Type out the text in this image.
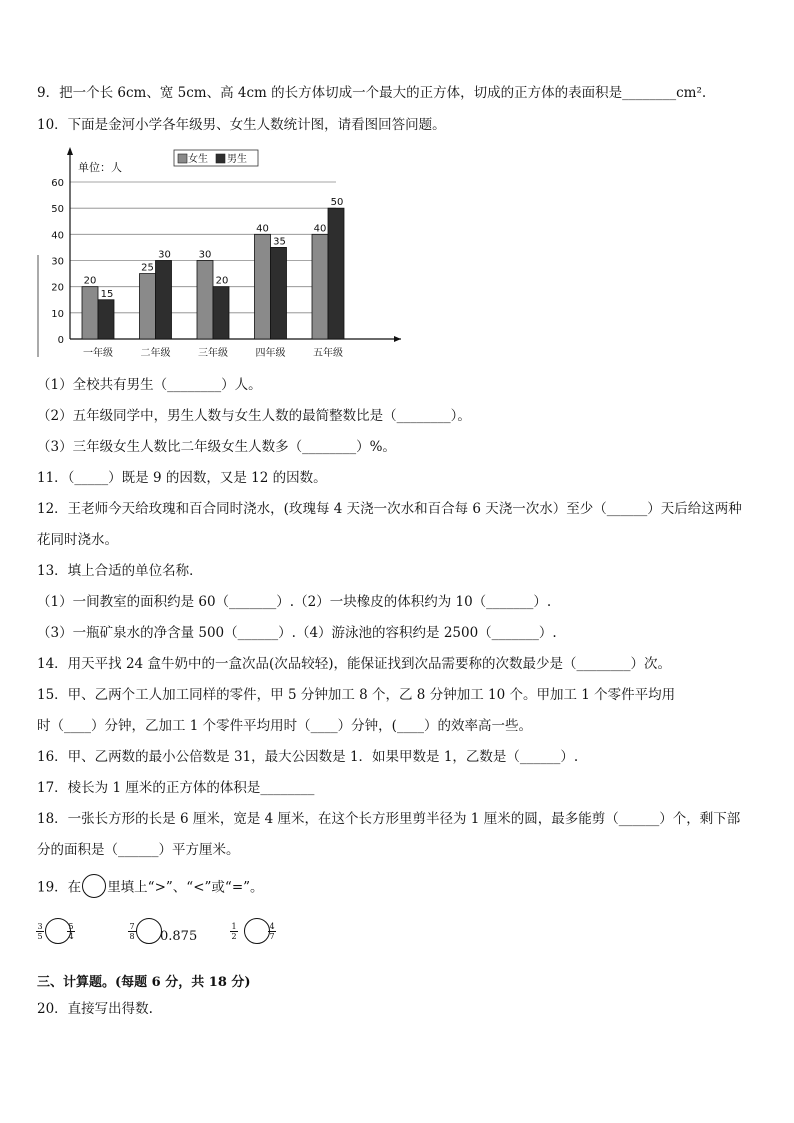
9．把一个长 6cm、宽 5cm、高 4cm 的长方体切成一个最大的正方体，切成的正方体的表面积是________cm².
10．下面是金河小学各年级男、女生人数统计图，请看图回答问题。
0
10
20
30
40
50
60
单位：人
女生 男生
20
15
一年级
25
30
二年级
30
20
三年级
40
35
四年级
40
50
五年级
（1）全校共有男生（________）人。
（2）五年级同学中，男生人数与女生人数的最简整数比是（________）。
（3）三年级女生人数比二年级女生人数多（________）%。
11．（_____）既是 9 的因数，又是 12 的因数。
12．王老师今天给玫瑰和百合同时浇水，(玫瑰每 4 天浇一次水和百合每 6 天浇一次水）至少（______）天后给这两种
花同时浇水。
13．填上合适的单位名称．
（1）一间教室的面积约是 60（_______）.（2）一块橡皮的体积约为 10（_______）.
（3）一瓶矿泉水的净含量 500（______）.（4）游泳池的容积约是 2500（_______）.
14．用天平找 24 盒牛奶中的一盒次品(次品较轻)，能保证找到次品需要称的次数最少是（________）次。
15．甲、乙两个工人加工同样的零件，甲 5 分钟加工 8 个，乙 8 分钟加工 10 个。甲加工 1 个零件平均用
时（____）分钟，乙加工 1 个零件平均用时（____）分钟，(____）的效率高一些。
16．甲、乙两数的最小公倍数是 31，最大公因数是 1．如果甲数是 1，乙数是（______）.
17．棱长为 1 厘米的正方体的体积是________
18．一张长方形的长是 6 厘米，宽是 4 厘米，在这个长方形里剪半径为 1 厘米的圆，最多能剪（______）个，剩下部
分的面积是（______）平方厘米。
19．在 里填上“>”、“<”或“=”。
$\frac{3}{5}$	$\frac{5}{4}$	$\frac{7}{8} 0.875$	$\frac{1}{2}$	$\frac{4}{7}$
三、计算题。(每题 6 分，共 18 分)
20．直接写出得数.
